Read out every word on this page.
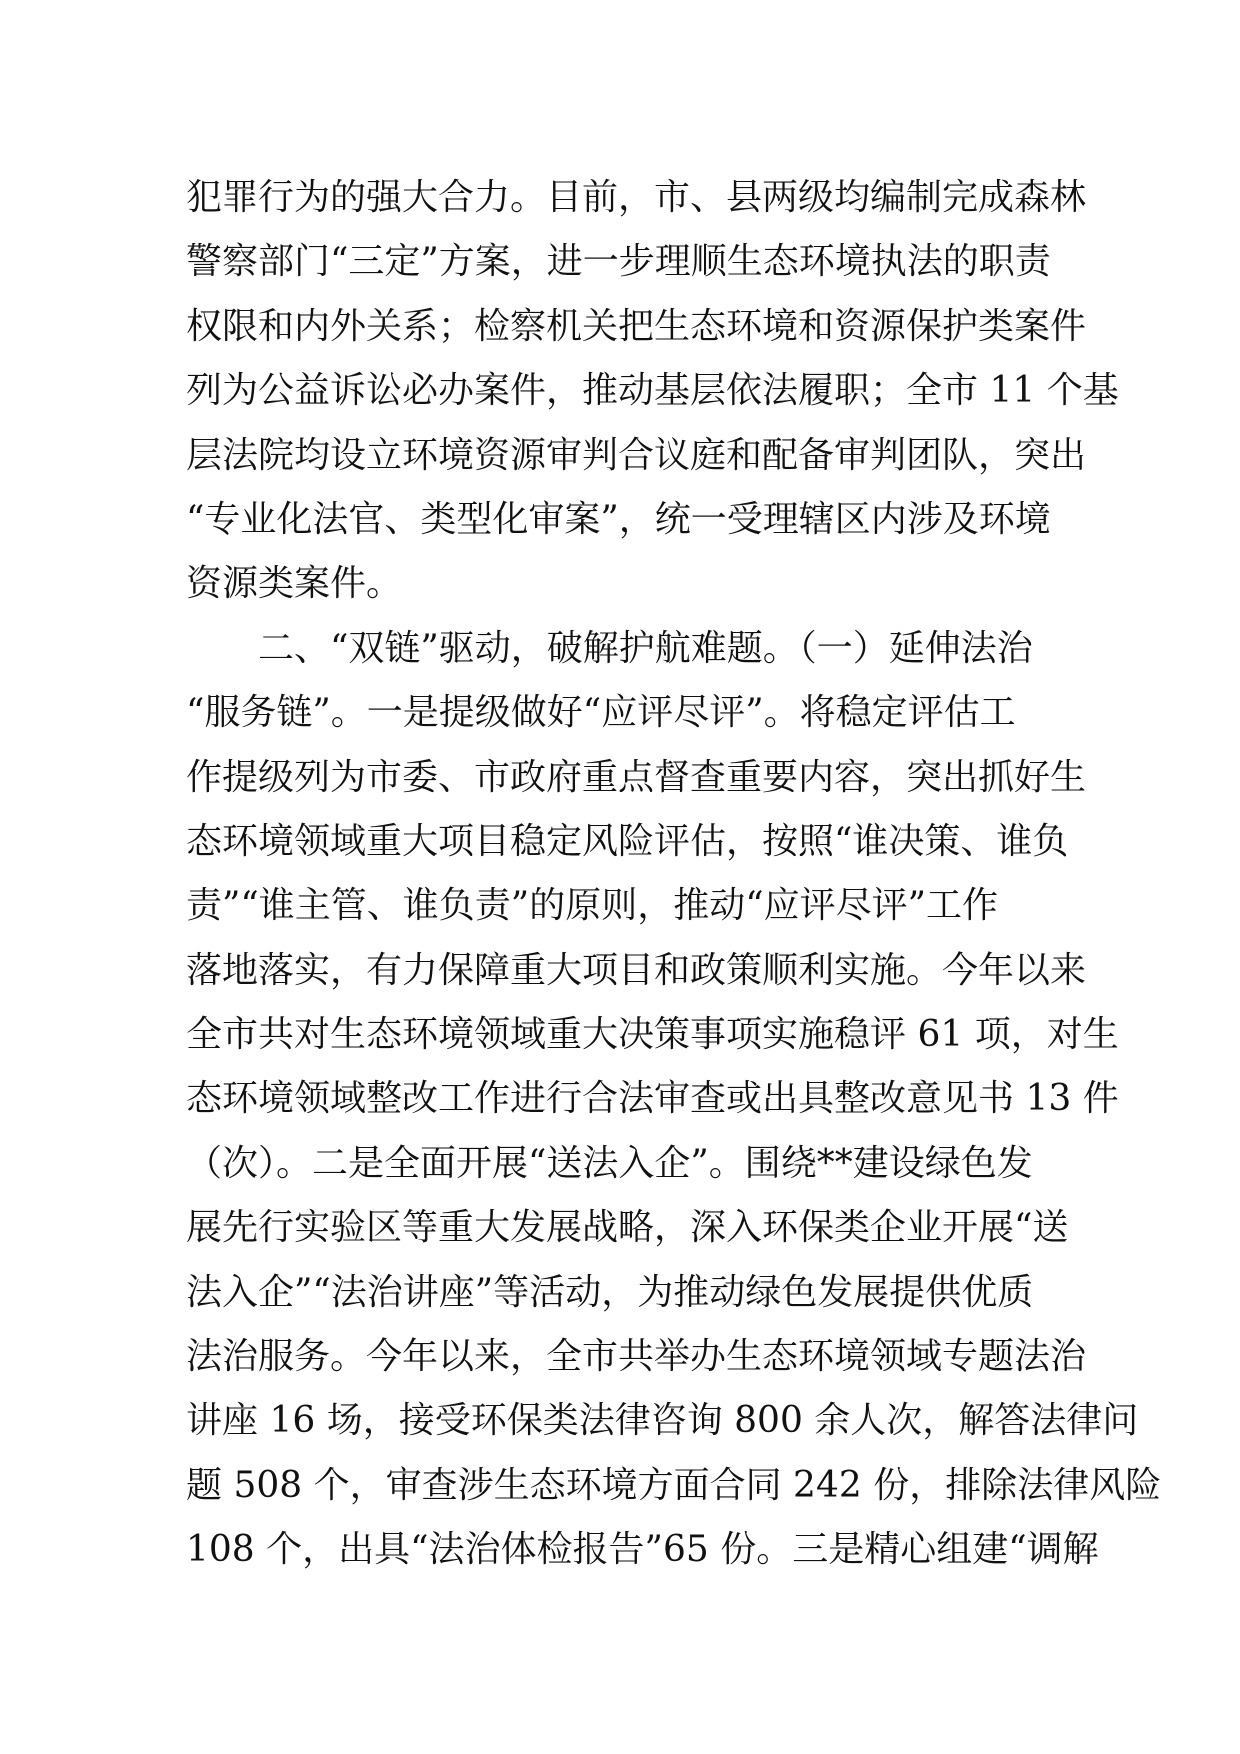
犯罪行为的强大合力。目前，市、县两级均编制完成森林
警察部门“三定”方案，进一步理顺生态环境执法的职责
权限和内外关系；检察机关把生态环境和资源保护类案件
列为公益诉讼必办案件，推动基层依法履职；全市 11 个基
层法院均设立环境资源审判合议庭和配备审判团队，突出
“专业化法官、类型化审案”，统一受理辖区内涉及环境
资源类案件。
二、“双链”驱动，破解护航难题。（一）延伸法治
“服务链”。一是提级做好“应评尽评”。将稳定评估工
作提级列为市委、市政府重点督查重要内容，突出抓好生
态环境领域重大项目稳定风险评估，按照“谁决策、谁负
责”“谁主管、谁负责”的原则，推动“应评尽评”工作
落地落实，有力保障重大项目和政策顺利实施。今年以来
全市共对生态环境领域重大决策事项实施稳评 61 项，对生
态环境领域整改工作进行合法审查或出具整改意见书 13 件
（次）。二是全面开展“送法入企”。围绕**建设绿色发
展先行实验区等重大发展战略，深入环保类企业开展“送
法入企”“法治讲座”等活动，为推动绿色发展提供优质
法治服务。今年以来，全市共举办生态环境领域专题法治
讲座 16 场，接受环保类法律咨询 800 余人次，解答法律问
题 508 个，审查涉生态环境方面合同 242 份，排除法律风险
108 个，出具“法治体检报告”65 份。三是精心组建“调解
